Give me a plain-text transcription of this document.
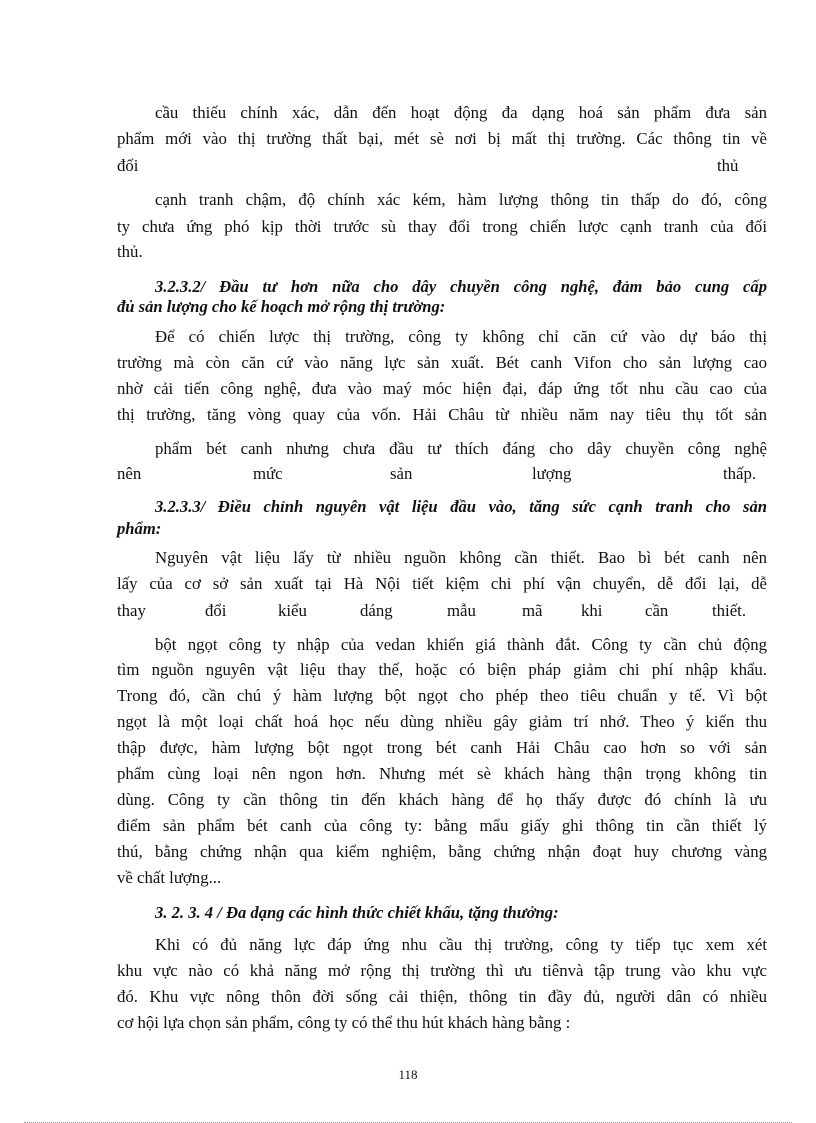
cầu thiếu chính xác, dẫn đến hoạt động đa dạng hoá sản phẩm đưa sản
phẩm mới vào thị trường thất bại, mét sè nơi bị mất thị trường. Các thông tin về
đối	thủ
cạnh tranh chậm, độ chính xác kém, hàm lượng thông tin thấp do đó, công
ty chưa ứng phó kịp thời trước sù thay đổi trong chiến lược cạnh tranh của đối
thủ.
3.2.3.2/ Đầu tư hơn nữa cho dây chuyền công nghệ, đảm bảo cung cấp
đủ sản lượng cho kế hoạch mở rộng thị trường:
Để có chiến lược thị trường, công ty không chỉ căn cứ vào dự báo thị
trường mà còn căn cứ vào năng lực sản xuất. Bét canh Vifon cho sản lượng cao
nhờ cải tiến công nghệ, đưa vào maý móc hiện đại, đáp ứng tốt nhu cầu cao của
thị trường, tăng vòng quay của vốn. Hải Châu từ nhiều năm nay tiêu thụ tốt sản
phẩm bét canh nhưng chưa đầu tư thích đáng cho dây chuyền công nghệ
nên	mức	sản	lượng	thấp.
3.2.3.3/ Điều chỉnh nguyên vật liệu đầu vào, tăng sức cạnh tranh cho sản
phẩm:
Nguyên vật liệu lấy từ nhiều nguồn không cần thiết. Bao bì bét canh nên
lấy của cơ sở sản xuất tại Hà Nội tiết kiệm chi phí vận chuyển, dễ đổi lại, dễ
thay	đổi	kiểu	dáng	mẫu	mã khi	cần	thiết.
bột ngọt công ty nhập của vedan khiến giá thành đắt. Công ty cần chủ động
tìm nguồn nguyên vật liệu thay thế, hoặc có biện pháp giảm chi phí nhập khẩu.
Trong đó, cần chú ý hàm lượng bột ngọt cho phép theo tiêu chuẩn y tế. Vì bột
ngọt là một loại chất hoá học nếu dùng nhiều gây giảm trí nhớ. Theo ý kiến thu
thập được, hàm lượng bột ngọt trong bét canh Hải Châu cao hơn so với sản
phẩm cùng loại nên ngon hơn. Nhưng mét sè khách hàng thận trọng không tin
dùng. Công ty cần thông tin đến khách hàng để họ thấy được đó chính là ưu
điểm sản phẩm bét canh của công ty: bằng mẩu giấy ghi thông tin cần thiết lý
thú, bằng chứng nhận qua kiểm nghiệm, bằng chứng nhận đoạt huy chương vàng
về chất lượng...
3. 2. 3. 4 / Đa dạng các hình thức chiết khấu, tặng thưởng:
Khi có đủ năng lực đáp ứng nhu cầu thị trường, công ty tiếp tục xem xét
khu vực nào có khả năng mở rộng thị trường thì ưu tiênvà tập trung vào khu vực
đó. Khu vực nông thôn đời sống cải thiện, thông tin đầy đủ, người dân có nhiều
cơ hội lựa chọn sản phẩm, công ty có thể thu hút khách hàng bằng :
118
